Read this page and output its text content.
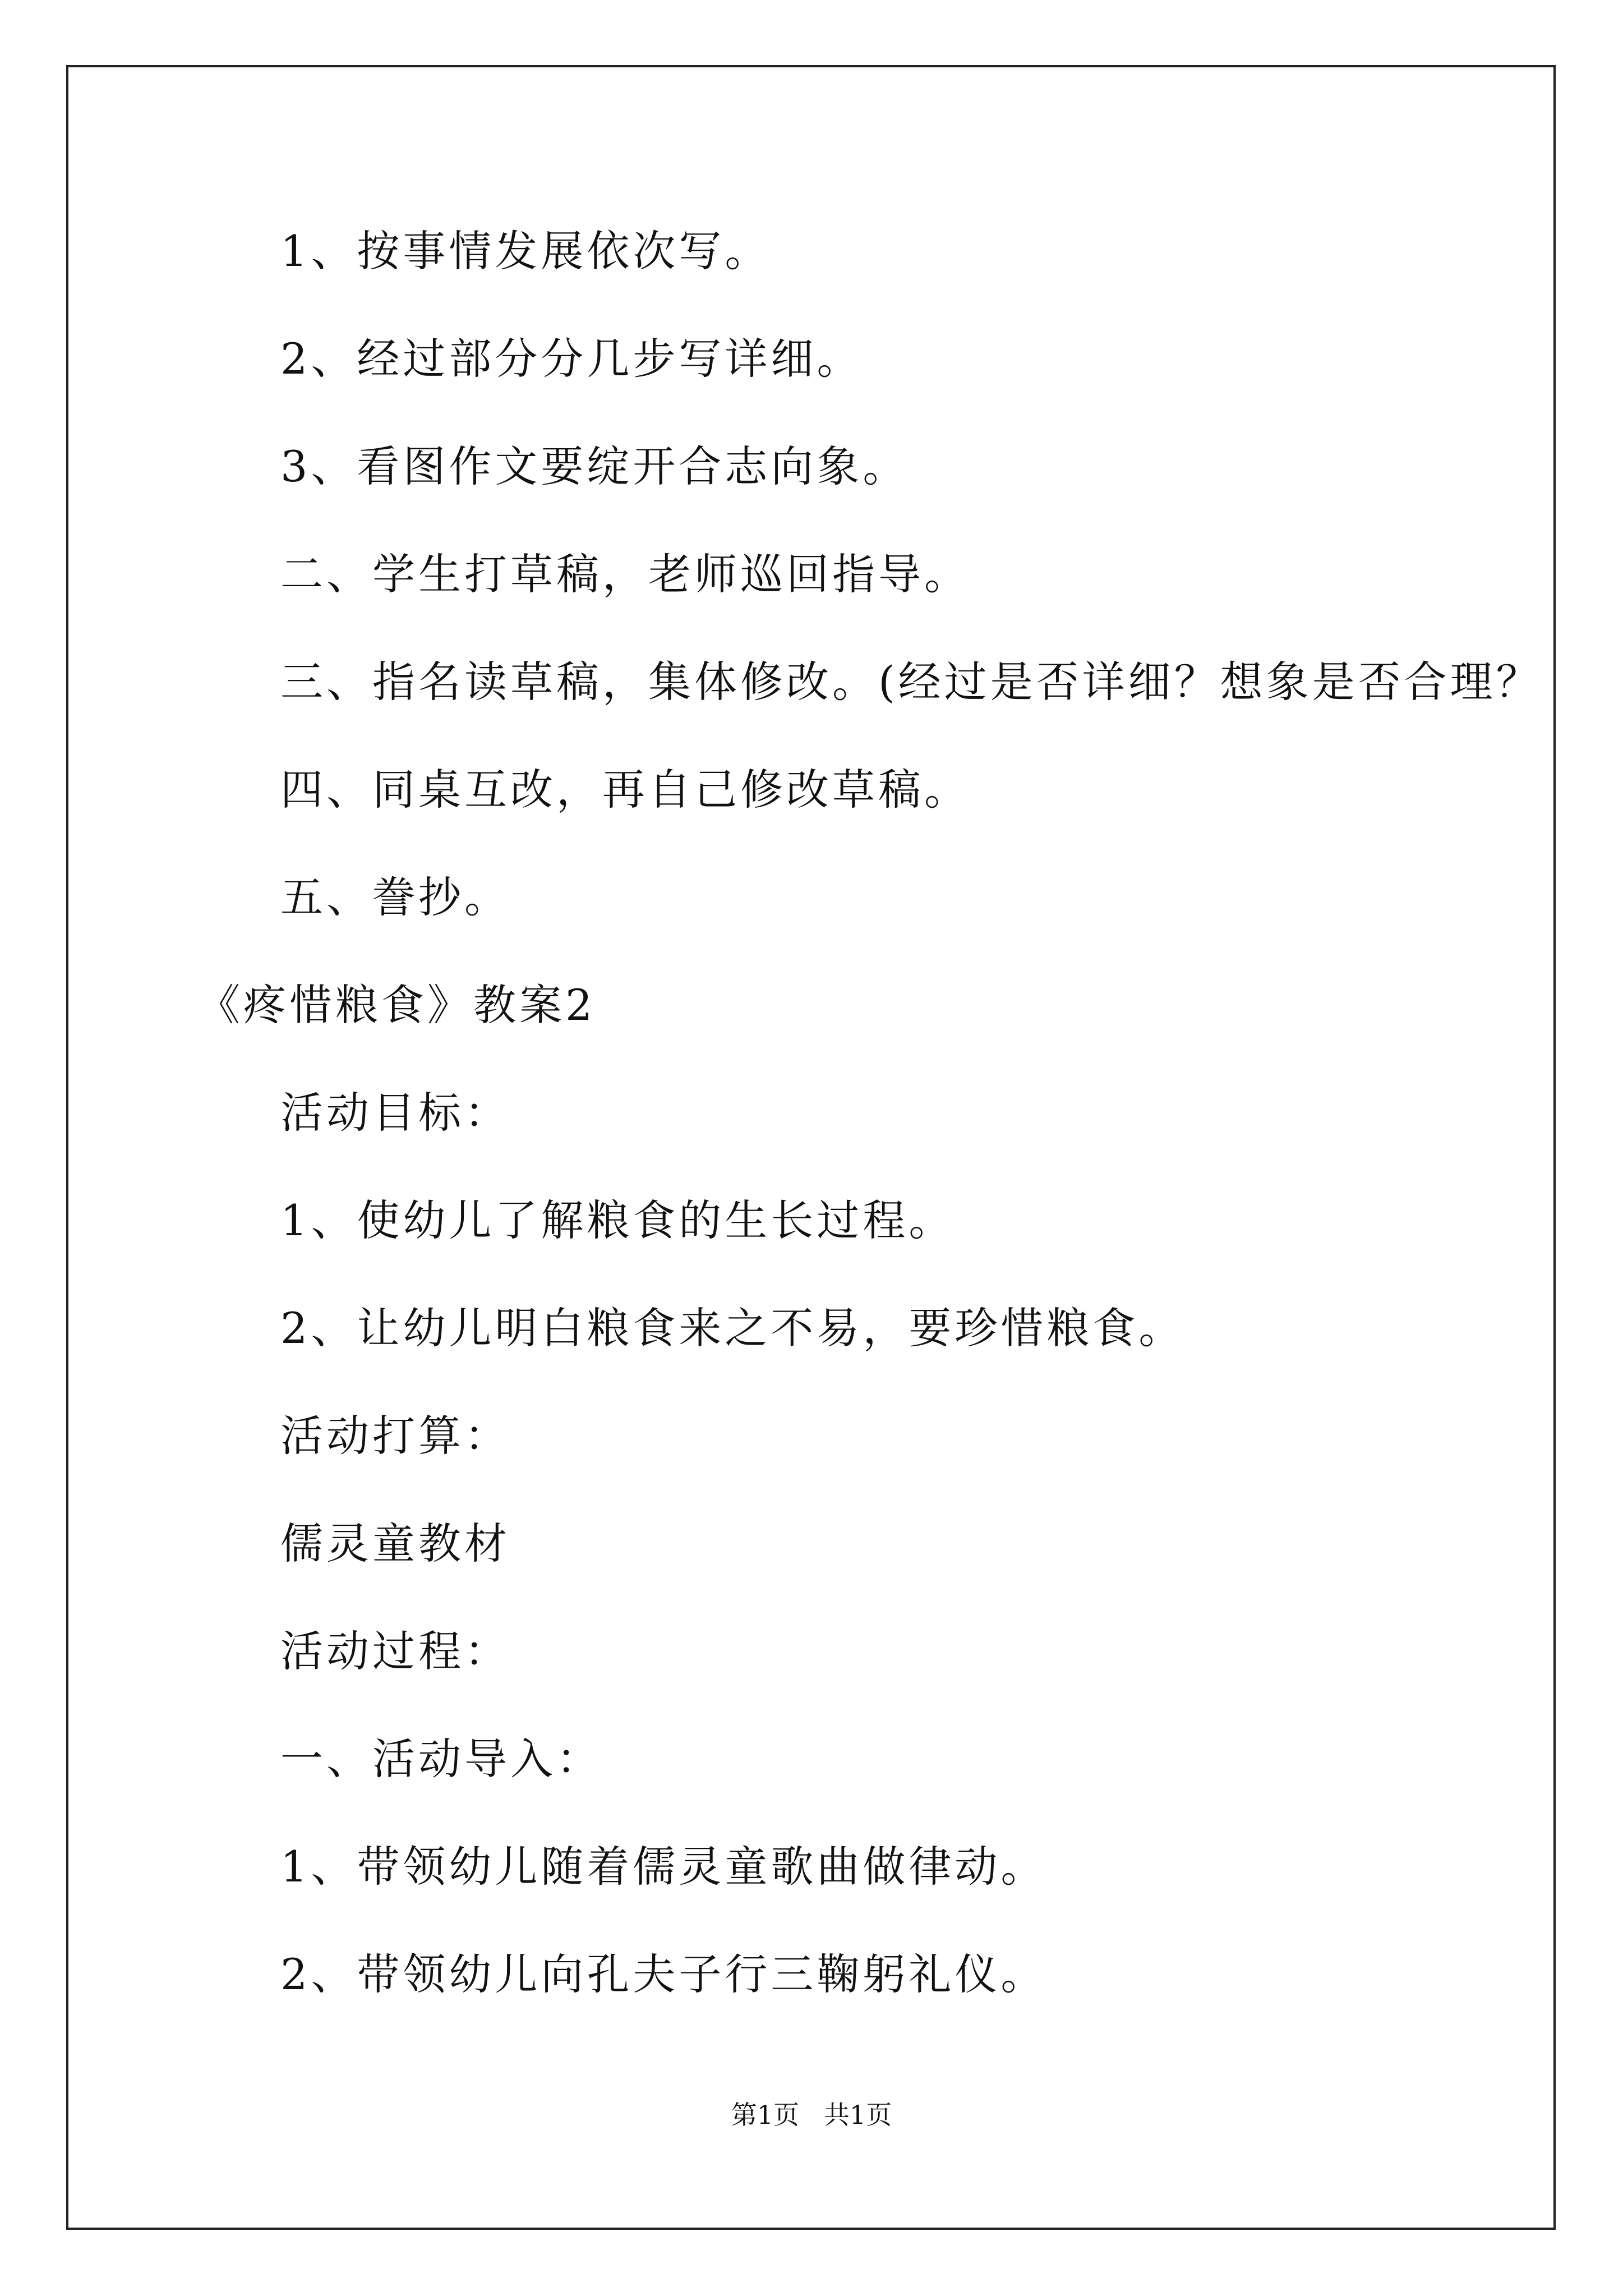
1、按事情发展依次写。
2、经过部分分几步写详细。
3、看图作文要绽开合志向象。
二、学生打草稿，老师巡回指导。
三、指名读草稿，集体修改。(经过是否详细？想象是否合理？
四、同桌互改，再自己修改草稿。
五、誊抄。
《疼惜粮食》教案2
活动目标：
1、使幼儿了解粮食的生长过程。
2、让幼儿明白粮食来之不易，要珍惜粮食。
活动打算：
儒灵童教材
活动过程：
一、活动导入：
1、带领幼儿随着儒灵童歌曲做律动。
2、带领幼儿向孔夫子行三鞠躬礼仪。
第1页   共1页
